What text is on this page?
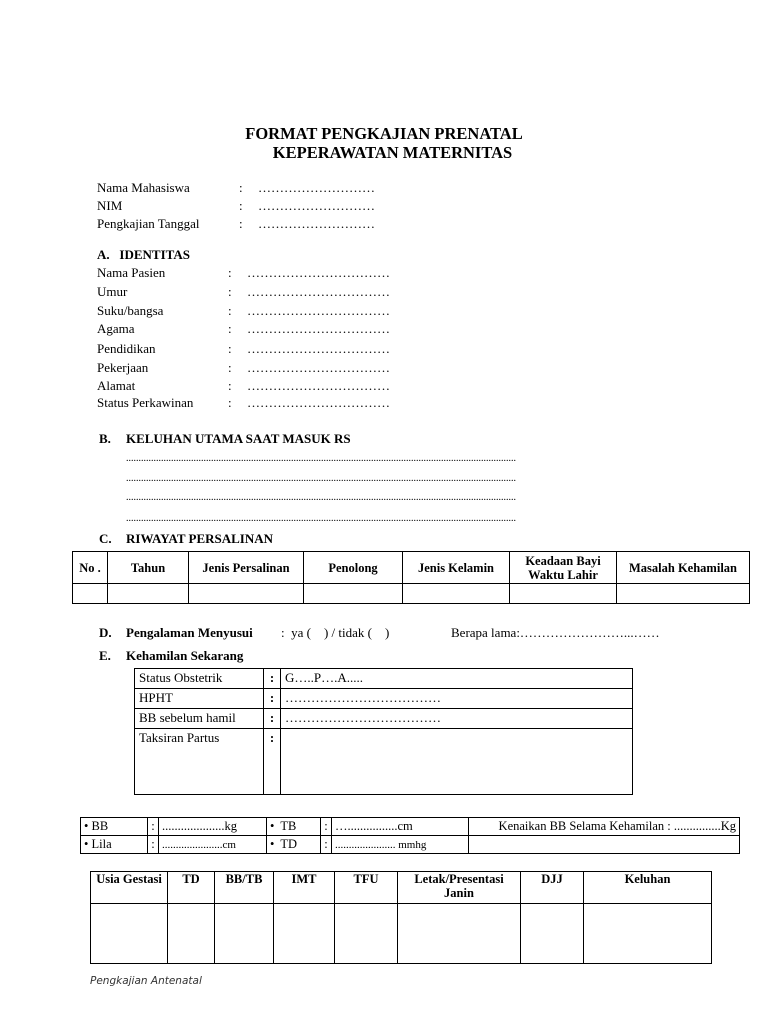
FORMAT PENGKAJIAN PRENATAL
KEPERAWATAN MATERNITAS
Nama Mahasiswa	: ………………………
NIM	: ………………………
Pengkajian Tanggal	: ………………………
A.   IDENTITAS
Nama Pasien	: ……………………………
Umur	: ……………………………
Suku/bangsa	: ……………………………
Agama	: ……………………………
Pendidikan	: ……………………………
Pekerjaan	: ……………………………
Alamat	: ……………………………
Status Perkawinan	: ……………………………
B. KELUHAN UTAMA SAAT MASUK RS
............................................................................................................................................................
............................................................................................................................................................
............................................................................................................................................................
............................................................................................................................................................
C. RIWAYAT PERSALINAN
No .	Tahun	Jenis Persalinan	Penolong	Jenis Kelamin	Keadaan Bayi Waktu Lahir	Masalah Kehamilan

D. Pengalaman Menyusui :  ya (    ) / tidak (    )	Berapa lama:……………………...……
E. Kehamilan Sekarang
Status Obstetrik	:	G…..P….A.....
HPHT	:	………………………………
BB sebelum hamil	:	………………………………
Taksiran Partus	:	
• BB	:	....................kg	•  TB	:	…................cm	Kenaikan BB Selama Kehamilan : ...............Kg
• Lila	:	......................cm	•  TD	:	...................... mmhg	
Usia Gestasi	TD	BB/TB	IMT	TFU	Letak/Presentasi Janin	DJJ	Keluhan

Pengkajian Antenatal
